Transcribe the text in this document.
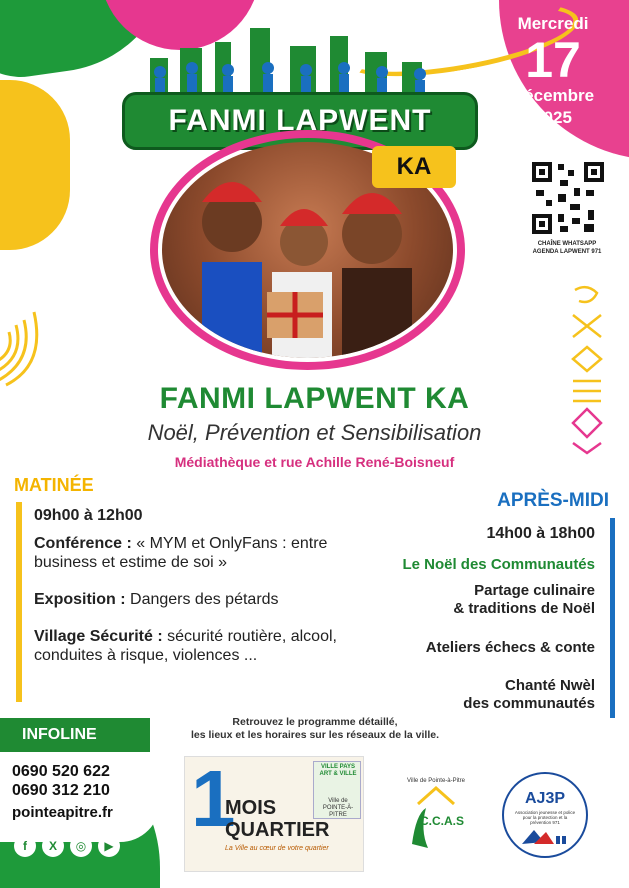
Mercredi
17
Décembre
2025
FANMI LAPWENT
KA
CHAÎNE WHATSAPP
AGENDA LAPWENT 971
FANMI LAPWENT KA
Noël, Prévention et Sensibilisation
Médiathèque et rue Achille René-Boisneuf
MATINÉE
09h00 à 12h00
Conférence : « MYM et OnlyFans : entre business et estime de soi »
Exposition : Dangers des pétards
Village Sécurité : sécurité routière, alcool, conduites à risque, violences ...
APRÈS-MIDI
14h00 à 18h00
Le Noël des Communautés
Partage culinaire
& traditions de Noël
Ateliers échecs & conte
Chanté Nwèl
des communautés
Retrouvez le programme détaillé,
les lieux et les horaires sur les réseaux de la ville.
INFOLINE
0690 520 622
0690 312 210
pointeapitre.fr
f	X	◎	▶
1
MOIS
QUARTIER
La Ville au cœur de votre quartier
VILLE PAYS ART & VILLE
Ville de POINTE-À-PITRE
Ville de Pointe-à-Pitre
C.C.A.S
AJ3P
Association jeunesse et police pour la protection et la prévention 971
